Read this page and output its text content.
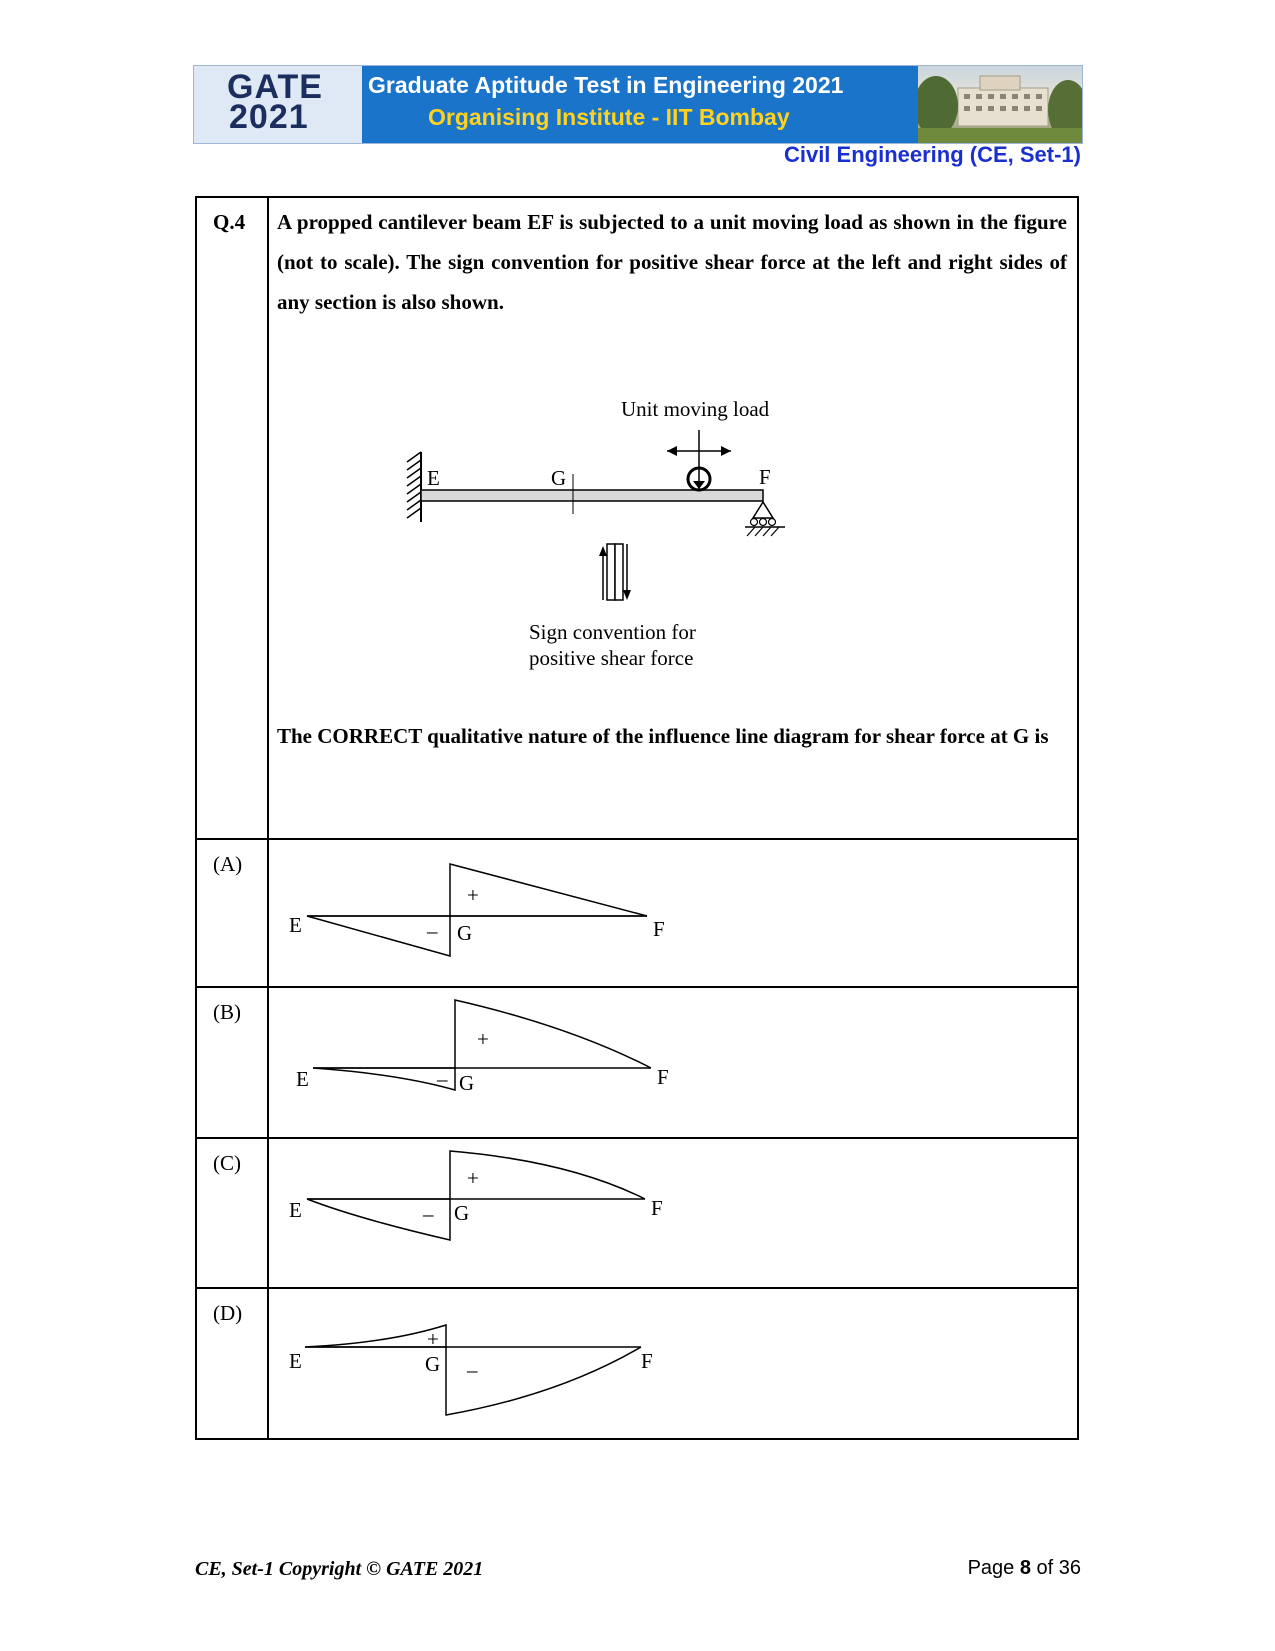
GATE
2021
Graduate Aptitude Test in Engineering 2021
Organising Institute - IIT Bombay
Civil Engineering (CE, Set-1)
Q.4 A propped cantilever beam EF is subjected to a unit moving load as shown in the figure (not to scale). The sign convention for positive shear force at the left and right sides of any section is also shown.
Unit moving load
E	G	F
Sign convention for
positive shear force
The CORRECT qualitative nature of the influence line diagram for shear force at G is
(A)
E	G	F
+
–
(B)
E	G	F
+
–
(C)
E	G	F
+
–
(D)
E	G	F
+
–
CE, Set-1 Copyright © GATE 2021	Page 8 of 36
